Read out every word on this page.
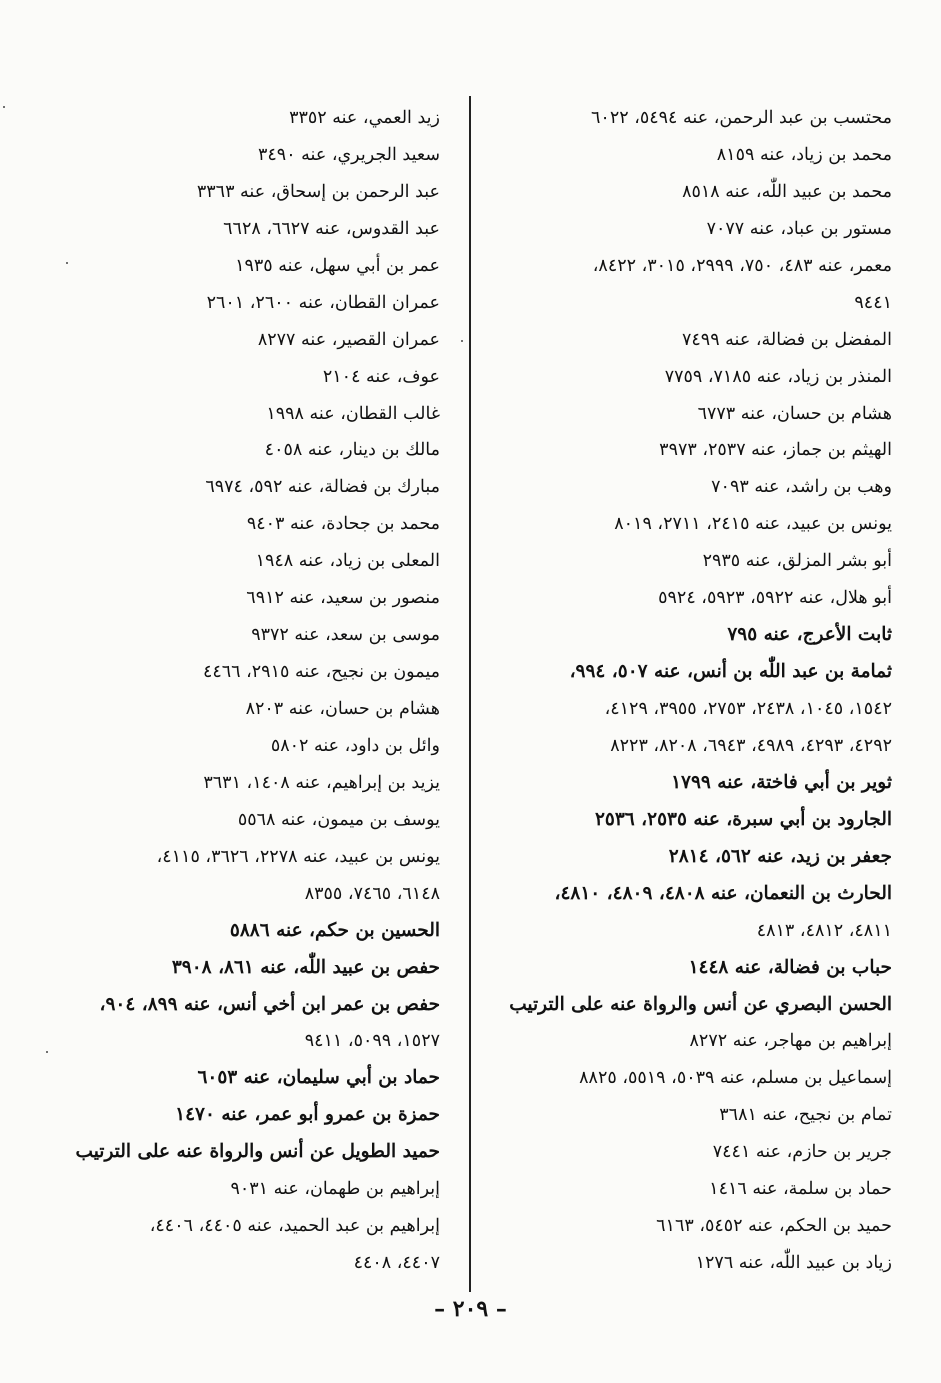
محتسب بن عبد الرحمن، عنه ٥٤٩٤، ٦٠٢٢
محمد بن زياد، عنه ٨١٥٩
محمد بن عبيد اللّٰه، عنه ٨٥١٨
مستور بن عباد، عنه ٧٠٧٧
معمر، عنه ٤٨٣، ٧٥٠، ٢٩٩٩، ٣٠١٥، ٨٤٢٢،
٩٤٤١
المفضل بن فضالة، عنه ٧٤٩٩
المنذر بن زياد، عنه ٧١٨٥، ٧٧٥٩
هشام بن حسان، عنه ٦٧٧٣
الهيثم بن جماز، عنه ٢٥٣٧، ٣٩٧٣
وهب بن راشد، عنه ٧٠٩٣
يونس بن عبيد، عنه ٢٤١٥، ٢٧١١، ٨٠١٩
أبو بشر المزلق، عنه ٢٩٣٥
أبو هلال، عنه ٥٩٢٢، ٥٩٢٣، ٥٩٢٤
ثابت الأعرج، عنه ٧٩٥
ثمامة بن عبد اللّٰه بن أنس، عنه ٥٠٧، ٩٩٤،
١٥٤٢، ١٠٤٥، ٢٤٣٨، ٢٧٥٣، ٣٩٥٥، ٤١٢٩،
٤٢٩٢، ٤٢٩٣، ٤٩٨٩، ٦٩٤٣، ٨٢٠٨، ٨٢٢٣
ثوير بن أبي فاختة، عنه ١٧٩٩
الجارود بن أبي سبرة، عنه ٢٥٣٥، ٢٥٣٦
جعفر بن زيد، عنه ٥٦٢، ٢٨١٤
الحارث بن النعمان، عنه ٤٨٠٨، ٤٨٠٩، ٤٨١٠،
٤٨١١، ٤٨١٢، ٤٨١٣
حباب بن فضالة، عنه ١٤٤٨
الحسن البصري عن أنس والرواة عنه على الترتيب
إبراهيم بن مهاجر، عنه ٨٢٧٢
إسماعيل بن مسلم، عنه ٥٠٣٩، ٥٥١٩، ٨٨٢٥
تمام بن نجيح، عنه ٣٦٨١
جرير بن حازم، عنه ٧٤٤١
حماد بن سلمة، عنه ١٤١٦
حميد بن الحكم، عنه ٥٤٥٢، ٦١٦٣
زياد بن عبيد اللّٰه، عنه ١٢٧٦
زيد العمي، عنه ٣٣٥٢
سعيد الجريري، عنه ٣٤٩٠
عبد الرحمن بن إسحاق، عنه ٣٣٦٣
عبد القدوس، عنه ٦٦٢٧، ٦٦٢٨
عمر بن أبي سهل، عنه ١٩٣٥
عمران القطان، عنه ٢٦٠٠، ٢٦٠١
عمران القصير، عنه ٨٢٧٧
عوف، عنه ٢١٠٤
غالب القطان، عنه ١٩٩٨
مالك بن دينار، عنه ٤٠٥٨
مبارك بن فضالة، عنه ٥٩٢، ٦٩٧٤
محمد بن جحادة، عنه ٩٤٠٣
المعلى بن زياد، عنه ١٩٤٨
منصور بن سعيد، عنه ٦٩١٢
موسى بن سعد، عنه ٩٣٧٢
ميمون بن نجيح، عنه ٢٩١٥، ٤٤٦٦
هشام بن حسان، عنه ٨٢٠٣
وائل بن داود، عنه ٥٨٠٢
يزيد بن إبراهيم، عنه ١٤٠٨، ٣٦٣١
يوسف بن ميمون، عنه ٥٥٦٨
يونس بن عبيد، عنه ٢٢٧٨، ٣٦٢٦، ٤١١٥،
٦١٤٨، ٧٤٦٥، ٨٣٥٥
الحسين بن حكم، عنه ٥٨٨٦
حفص بن عبيد اللّٰه، عنه ٨٦١، ٣٩٠٨
حفص بن عمر ابن أخي أنس، عنه ٨٩٩، ٩٠٤،
١٥٢٧، ٥٠٩٩، ٩٤١١
حماد بن أبي سليمان، عنه ٦٠٥٣
حمزة بن عمرو أبو عمر، عنه ١٤٧٠
حميد الطويل عن أنس والرواة عنه على الترتيب
إبراهيم بن طهمان، عنه ٩٠٣١
إبراهيم بن عبد الحميد، عنه ٤٤٠٥، ٤٤٠٦،
٤٤٠٧، ٤٤٠٨
– ٢٠٩ –
